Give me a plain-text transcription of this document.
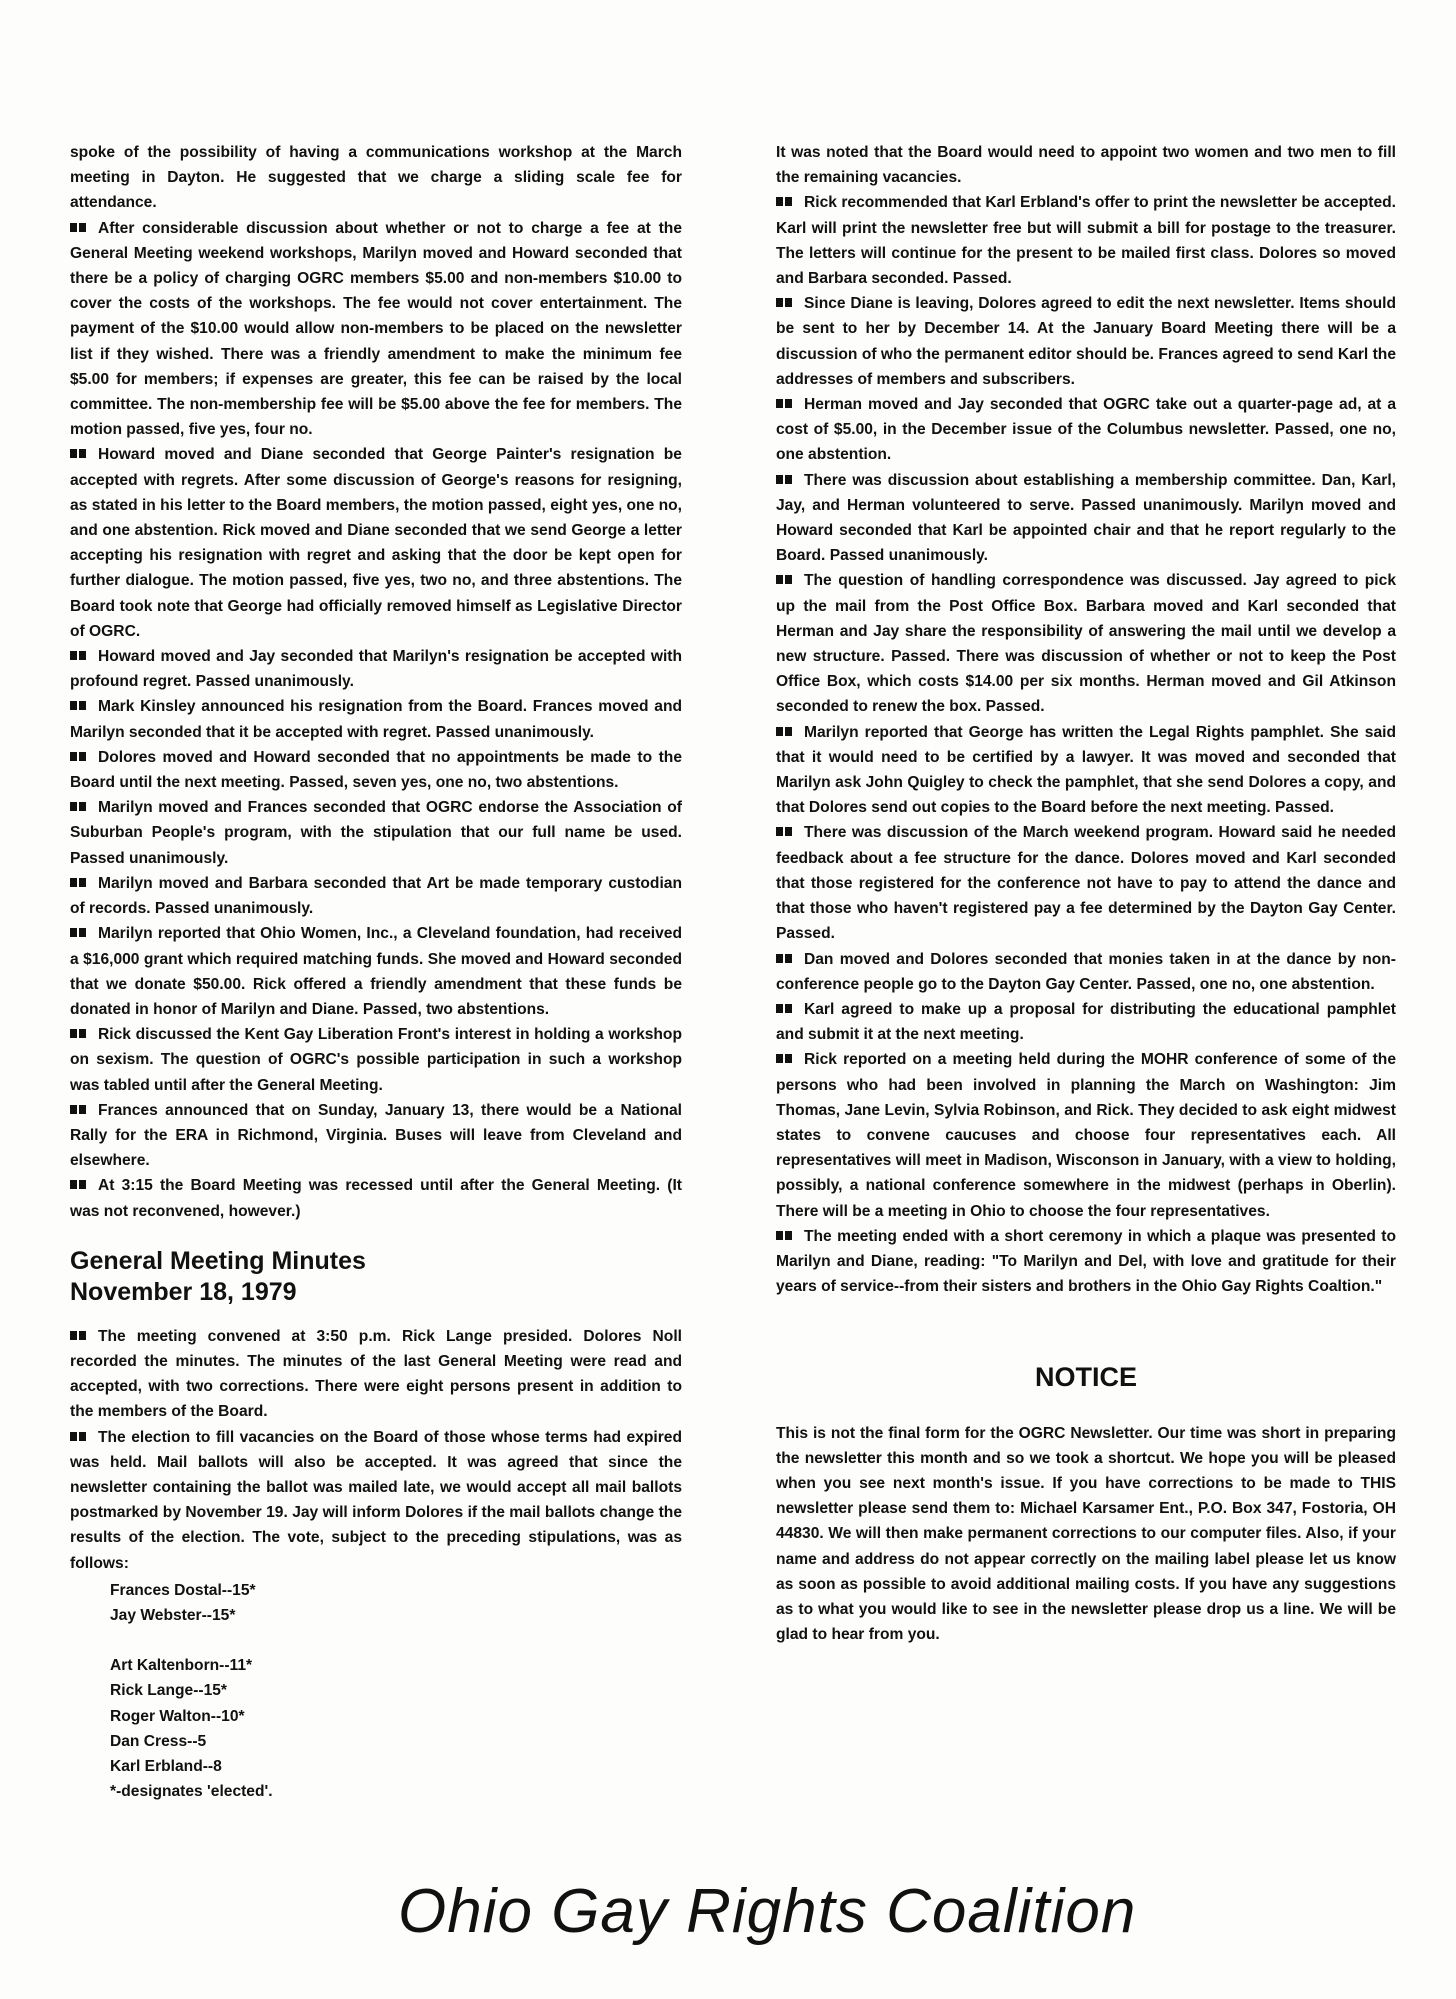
spoke of the possibility of having a communications workshop at the March meeting in Dayton. He suggested that we charge a sliding scale fee for attendance.

After considerable discussion about whether or not to charge a fee at the General Meeting weekend workshops, Marilyn moved and Howard seconded that there be a policy of charging OGRC members $5.00 and non-members $10.00 to cover the costs of the workshops. The fee would not cover entertainment. The payment of the $10.00 would allow non-members to be placed on the newsletter list if they wished. There was a friendly amendment to make the minimum fee $5.00 for members; if expenses are greater, this fee can be raised by the local committee. The non-membership fee will be $5.00 above the fee for members. The motion passed, five yes, four no.

Howard moved and Diane seconded that George Painter's resignation be accepted with regrets. After some discussion of George's reasons for resigning, as stated in his letter to the Board members, the motion passed, eight yes, one no, and one abstention. Rick moved and Diane seconded that we send George a letter accepting his resignation with regret and asking that the door be kept open for further dialogue. The motion passed, five yes, two no, and three abstentions. The Board took note that George had officially removed himself as Legislative Director of OGRC.

Howard moved and Jay seconded that Marilyn's resignation be accepted with profound regret. Passed unanimously.

Mark Kinsley announced his resignation from the Board. Frances moved and Marilyn seconded that it be accepted with regret. Passed unanimously.

Dolores moved and Howard seconded that no appointments be made to the Board until the next meeting. Passed, seven yes, one no, two abstentions.

Marilyn moved and Frances seconded that OGRC endorse the Association of Suburban People's program, with the stipulation that our full name be used. Passed unanimously.

Marilyn moved and Barbara seconded that Art be made temporary custodian of records. Passed unanimously.

Marilyn reported that Ohio Women, Inc., a Cleveland foundation, had received a $16,000 grant which required matching funds. She moved and Howard seconded that we donate $50.00. Rick offered a friendly amendment that these funds be donated in honor of Marilyn and Diane. Passed, two abstentions.

Rick discussed the Kent Gay Liberation Front's interest in holding a workshop on sexism. The question of OGRC's possible participation in such a workshop was tabled until after the General Meeting.

Frances announced that on Sunday, January 13, there would be a National Rally for the ERA in Richmond, Virginia. Buses will leave from Cleveland and elsewhere.

At 3:15 the Board Meeting was recessed until after the General Meeting. (It was not reconvened, however.)

General Meeting Minutes
November 18, 1979

The meeting convened at 3:50 p.m. Rick Lange presided. Dolores Noll recorded the minutes. The minutes of the last General Meeting were read and accepted, with two corrections. There were eight persons present in addition to the members of the Board.

The election to fill vacancies on the Board of those whose terms had expired was held. Mail ballots will also be accepted. It was agreed that since the newsletter containing the ballot was mailed late, we would accept all mail ballots postmarked by November 19. Jay will inform Dolores if the mail ballots change the results of the election. The vote, subject to the preceding stipulations, was as follows:

Frances Dostal--15*
Jay Webster--15*
Art Kaltenborn--11*
Rick Lange--15*
Roger Walton--10*
Dan Cress--5
Karl Erbland--8
*-designates 'elected'.

It was noted that the Board would need to appoint two women and two men to fill the remaining vacancies.

Rick recommended that Karl Erbland's offer to print the newsletter be accepted. Karl will print the newsletter free but will submit a bill for postage to the treasurer. The letters will continue for the present to be mailed first class. Dolores so moved and Barbara seconded. Passed.

Since Diane is leaving, Dolores agreed to edit the next newsletter. Items should be sent to her by December 14. At the January Board Meeting there will be a discussion of who the permanent editor should be. Frances agreed to send Karl the addresses of members and subscribers.

Herman moved and Jay seconded that OGRC take out a quarter-page ad, at a cost of $5.00, in the December issue of the Columbus newsletter. Passed, one no, one abstention.

There was discussion about establishing a membership committee. Dan, Karl, Jay, and Herman volunteered to serve. Passed unanimously. Marilyn moved and Howard seconded that Karl be appointed chair and that he report regularly to the Board. Passed unanimously.

The question of handling correspondence was discussed. Jay agreed to pick up the mail from the Post Office Box. Barbara moved and Karl seconded that Herman and Jay share the responsibility of answering the mail until we develop a new structure. Passed. There was discussion of whether or not to keep the Post Office Box, which costs $14.00 per six months. Herman moved and Gil Atkinson seconded to renew the box. Passed.

Marilyn reported that George has written the Legal Rights pamphlet. She said that it would need to be certified by a lawyer. It was moved and seconded that Marilyn ask John Quigley to check the pamphlet, that she send Dolores a copy, and that Dolores send out copies to the Board before the next meeting. Passed.

There was discussion of the March weekend program. Howard said he needed feedback about a fee structure for the dance. Dolores moved and Karl seconded that those registered for the conference not have to pay to attend the dance and that those who haven't registered pay a fee determined by the Dayton Gay Center. Passed.

Dan moved and Dolores seconded that monies taken in at the dance by non-conference people go to the Dayton Gay Center. Passed, one no, one abstention.

Karl agreed to make up a proposal for distributing the educational pamphlet and submit it at the next meeting.

Rick reported on a meeting held during the MOHR conference of some of the persons who had been involved in planning the March on Washington: Jim Thomas, Jane Levin, Sylvia Robinson, and Rick. They decided to ask eight midwest states to convene caucuses and choose four representatives each. All representatives will meet in Madison, Wisconson in January, with a view to holding, possibly, a national conference somewhere in the midwest (perhaps in Oberlin). There will be a meeting in Ohio to choose the four representatives.

The meeting ended with a short ceremony in which a plaque was presented to Marilyn and Diane, reading: "To Marilyn and Del, with love and gratitude for their years of service--from their sisters and brothers in the Ohio Gay Rights Coaltion."

NOTICE

This is not the final form for the OGRC Newsletter. Our time was short in preparing the newsletter this month and so we took a shortcut. We hope you will be pleased when you see next month's issue. If you have corrections to be made to THIS newsletter please send them to: Michael Karsamer Ent., P.O. Box 347, Fostoria, OH 44830. We will then make permanent corrections to our computer files. Also, if your name and address do not appear correctly on the mailing label please let us know as soon as possible to avoid additional mailing costs. If you have any suggestions as to what you would like to see in the newsletter please drop us a line. We will be glad to hear from you.

Ohio Gay Rights Coalition
